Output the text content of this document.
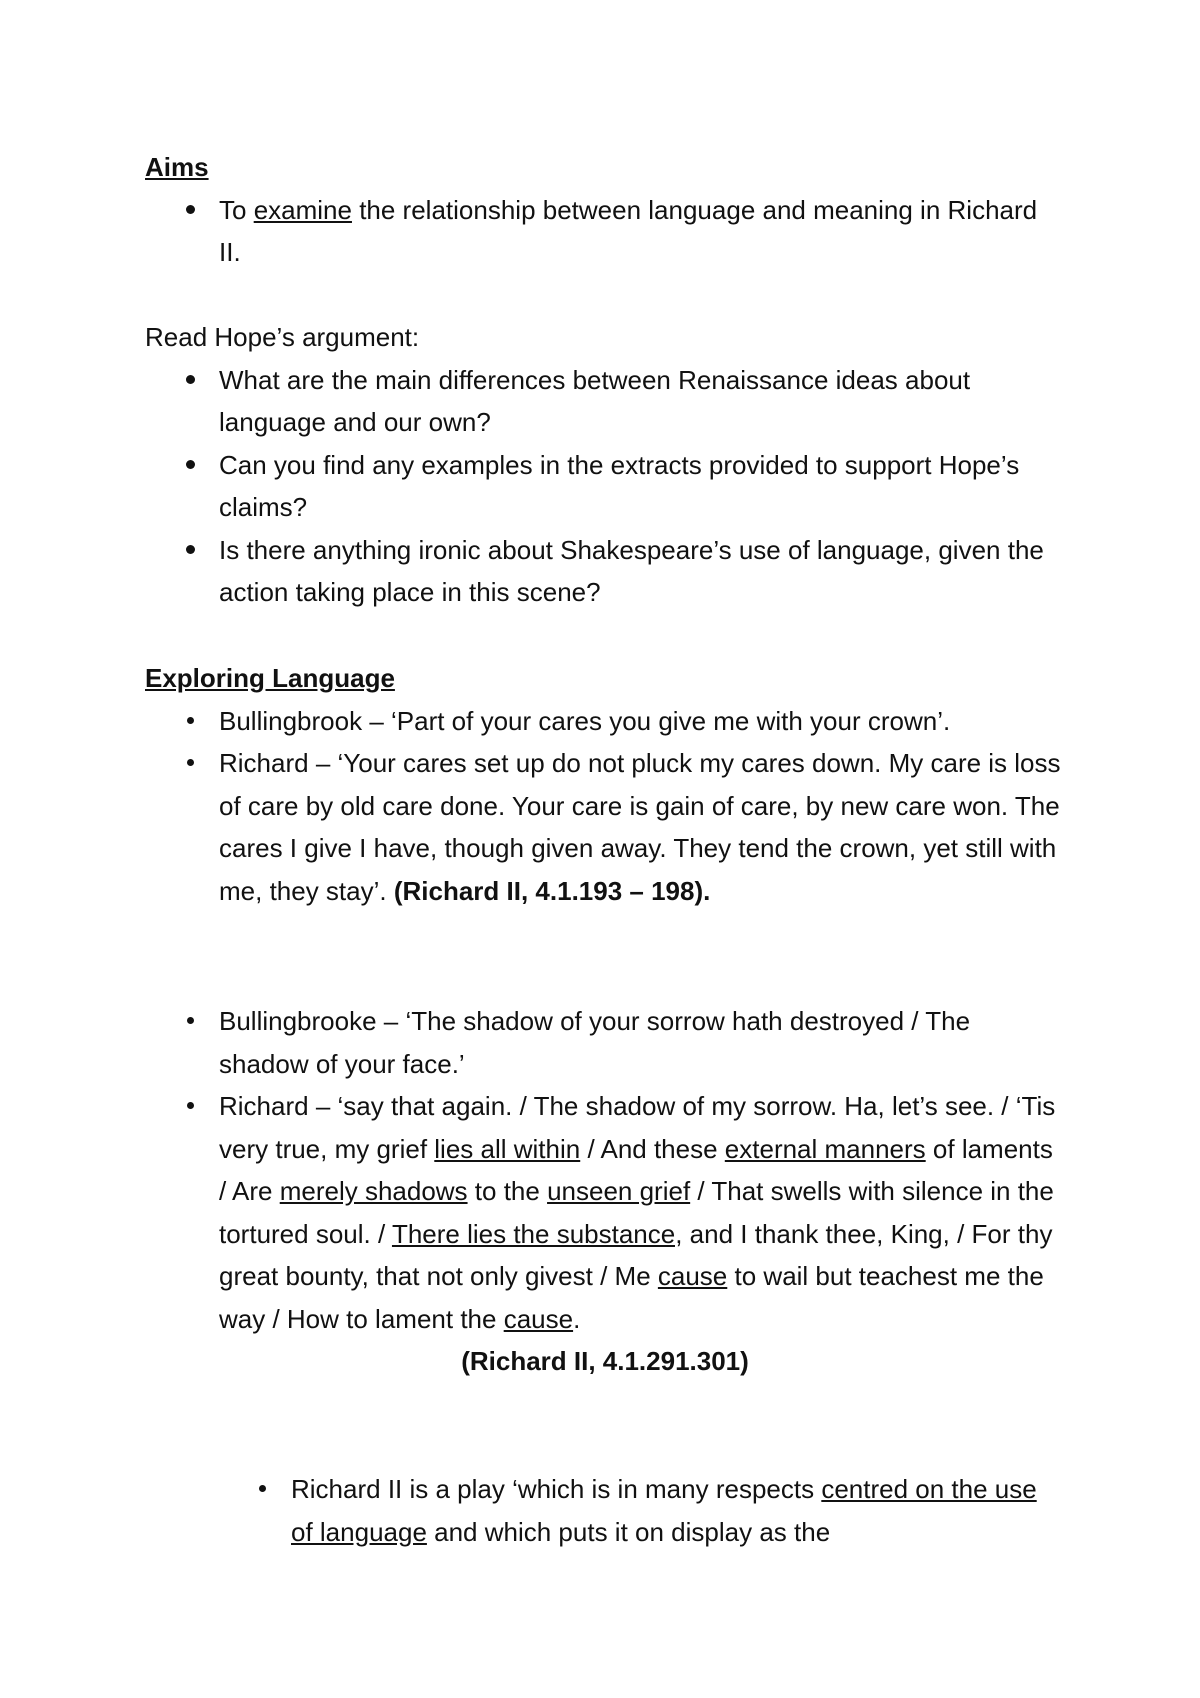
Aims
To examine the relationship between language and meaning in Richard II.
Read Hope’s argument:
What are the main differences between Renaissance ideas about language and our own?
Can you find any examples in the extracts provided to support Hope’s claims?
Is there anything ironic about Shakespeare’s use of language, given the action taking place in this scene?
Exploring Language
Bullingbrook – ‘Part of your cares you give me with your crown’.
Richard – ‘Your cares set up do not pluck my cares down. My care is loss of care by old care done. Your care is gain of care, by new care won. The cares I give I have, though given away. They tend the crown, yet still with me, they stay’. (Richard II, 4.1.193 – 198).
Bullingbrooke – ‘The shadow of your sorrow hath destroyed / The shadow of your face.’
Richard – ‘say that again. / The shadow of my sorrow. Ha, let’s see. / ‘Tis very true, my grief lies all within / And these external manners of laments / Are merely shadows to the unseen grief / That swells with silence in the tortured soul. / There lies the substance, and I thank thee, King, / For thy great bounty, that not only givest / Me cause to wail but teachest me the way / How to lament the cause.
(Richard II, 4.1.291.301)
Richard II is a play ‘which is in many respects centred on the use of language and which puts it on display as the
